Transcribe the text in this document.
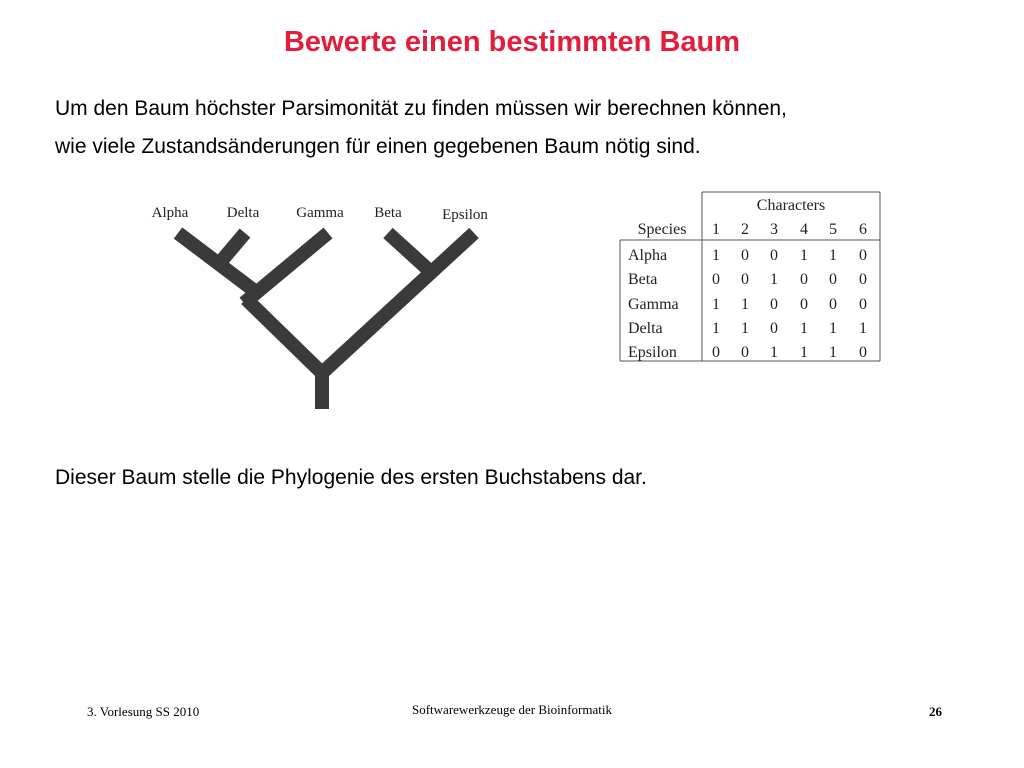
Bewerte einen bestimmten Baum
Um den Baum höchster Parsimonität zu finden müssen wir berechnen können,
wie viele Zustandsänderungen für einen gegebenen Baum nötig sind.
Alpha	Delta Gamma Beta	Epsilon
Characters
Species 1 2 3 4 5 6
Alpha	1 0 0 1 1 0
Beta	0 0 1 0 0 0
Gamma 1 1 0 0 0 0
Delta	1 1 0 1 1 1
Epsilon 0 0 1 1 1 0
Dieser Baum stelle die Phylogenie des ersten Buchstabens dar.
3. Vorlesung SS 2010	Softwarewerkzeuge der Bioinformatik	26
